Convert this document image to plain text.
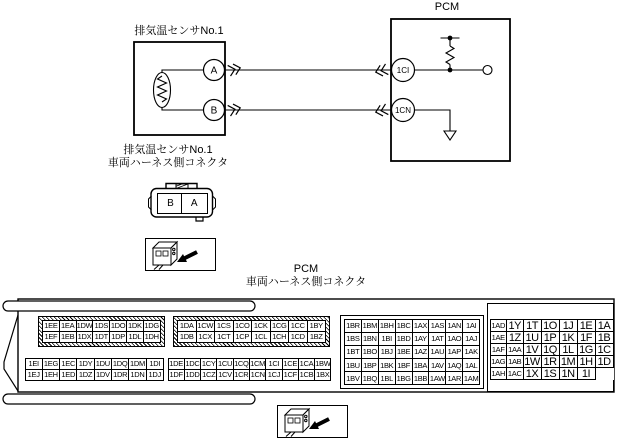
A
B
1CI
1CN
排気温センサNo.1
PCM
排気温センサNo.1
車両ハーネス側コネクタ
B	A
PCM
車両ハーネス側コネクタ
1EE 1EA 1DW 1DS 1DO 1DK 1DG
1EF 1EB 1DX 1DT 1DP 1DL 1DH
1DA 1CW 1CS 1CO 1CK 1CG 1CC 1BY
1DB 1CX 1CT 1CP 1CL 1CH 1CD 1BZ
1EI 1EG 1EC 1DY 1DU 1DQ 1DM 1DI
1EJ 1EH 1ED 1DZ 1DV 1DR 1DN 1DJ
1DE 1DC 1CY 1CU 1CQ 1CM 1CI 1CE 1CA 1BW
1DF 1DD 1CZ 1CV 1CR 1CN 1CJ 1CF 1CB 1BX
1BR 1BM 1BH 1BC 1AX 1AS 1AN 1AI
1BS 1BN 1BI 1BD 1AY 1AT 1AO 1AJ
1BT 1BO 1BJ 1BE 1AZ 1AU 1AP 1AK
1BU 1BP 1BK 1BF 1BA 1AV 1AQ 1AL
1BV 1BQ 1BL 1BG 1BB 1AW 1AR 1AM
1AD 1Y 1T 1O 1J 1E 1A
1AE 1Z 1U 1P 1K 1F 1B
1AF 1AA 1V 1Q 1L 1G 1C
1AG 1AB 1W 1R 1M 1H 1D
1AH 1AC 1X 1S 1N 1I
